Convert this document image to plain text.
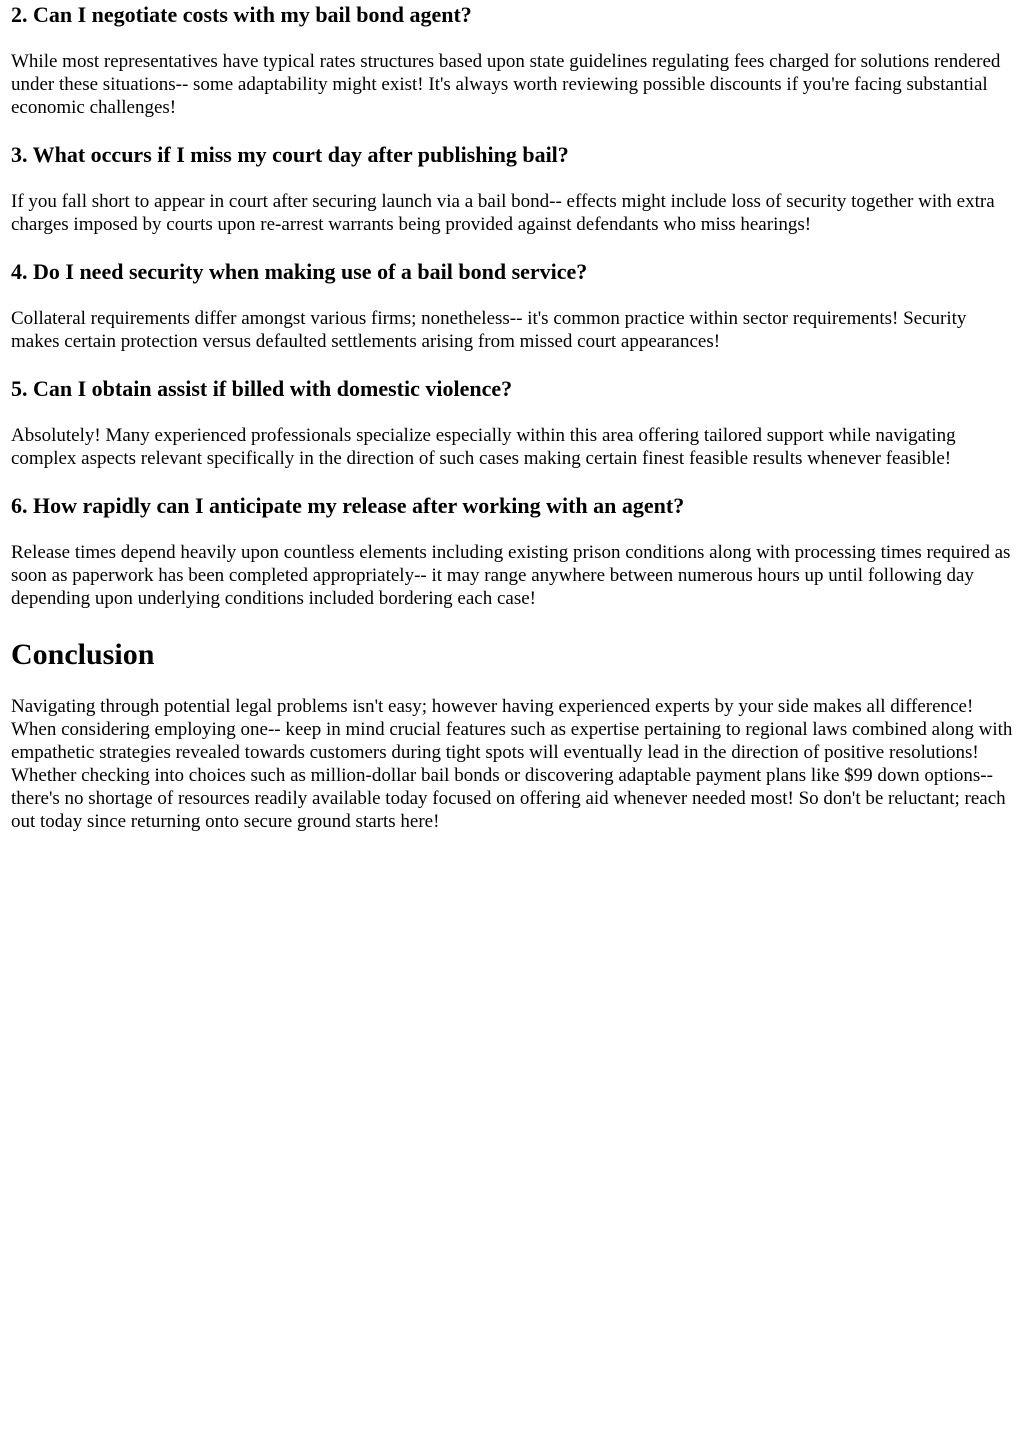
2. Can I negotiate costs with my bail bond agent?

While most representatives have typical rates structures based upon state guidelines regulating fees charged for solutions rendered under these situations-- some adaptability might exist! It's always worth reviewing possible discounts if you're facing substantial economic challenges!

3. What occurs if I miss my court day after publishing bail?

If you fall short to appear in court after securing launch via a bail bond-- effects might include loss of security together with extra charges imposed by courts upon re-arrest warrants being provided against defendants who miss hearings!

4. Do I need security when making use of a bail bond service?

Collateral requirements differ amongst various firms; nonetheless-- it's common practice within sector requirements! Security makes certain protection versus defaulted settlements arising from missed court appearances!

5. Can I obtain assist if billed with domestic violence?

Absolutely! Many experienced professionals specialize especially within this area offering tailored support while navigating complex aspects relevant specifically in the direction of such cases making certain finest feasible results whenever feasible!

6. How rapidly can I anticipate my release after working with an agent?

Release times depend heavily upon countless elements including existing prison conditions along with processing times required as soon as paperwork has been completed appropriately-- it may range anywhere between numerous hours up until following day depending upon underlying conditions included bordering each case!

Conclusion

Navigating through potential legal problems isn't easy; however having experienced experts by your side makes all difference! When considering employing one-- keep in mind crucial features such as expertise pertaining to regional laws combined along with empathetic strategies revealed towards customers during tight spots will eventually lead in the direction of positive resolutions! Whether checking into choices such as million-dollar bail bonds or discovering adaptable payment plans like $99 down options-- there's no shortage of resources readily available today focused on offering aid whenever needed most! So don't be reluctant; reach out today since returning onto secure ground starts here!
